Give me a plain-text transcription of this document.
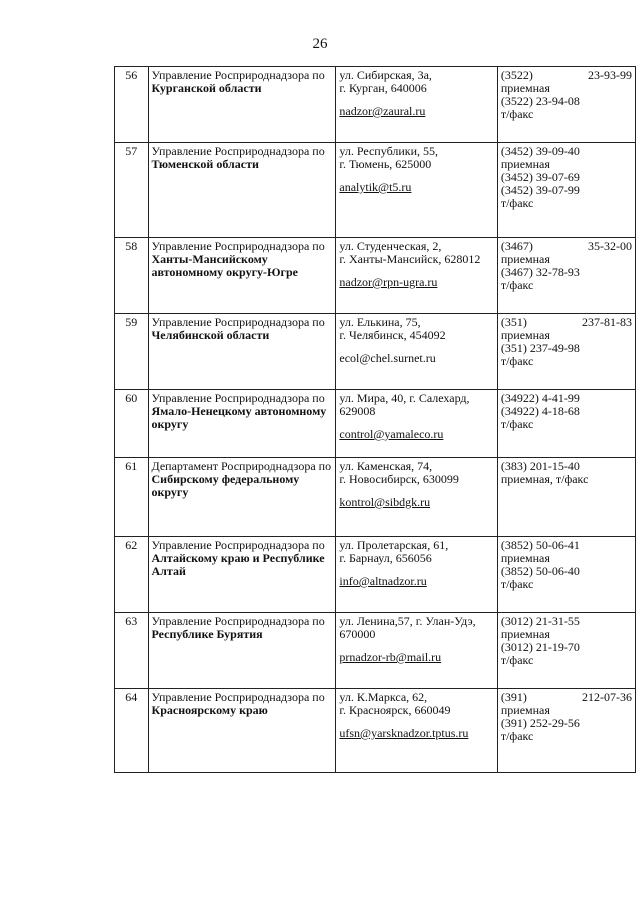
26
56	Управление Росприроднадзора по Курганской области	ул. Сибирская, 3а,
г. Курган, 640006
nadzor@zaural.ru	(3522) 23-93-99
приемная
(3522) 23-94-08
т/факс

57	Управление Росприроднадзора по Тюменской области	ул. Республики, 55,
г. Тюмень, 625000
analytik@t5.ru	(3452) 39-09-40
приемная
(3452) 39-07-69
(3452) 39-07-99
т/факс

58	Управление Росприроднадзора по Ханты-Мансийскому автономному округу-Югре	ул. Студенческая, 2,
г. Ханты-Мансийск, 628012
nadzor@rpn-ugra.ru	(3467) 35-32-00
приемная
(3467) 32-78-93
т/факс

59	Управление Росприроднадзора по Челябинской области	ул. Елькина, 75,
г. Челябинск, 454092
ecol@chel.surnet.ru	(351) 237-81-83
приемная
(351) 237-49-98
т/факс

60	Управление Росприроднадзора по Ямало-Ненецкому автономному округу	ул. Мира, 40, г. Салехард,
629008
control@yamaleco.ru	(34922) 4-41-99
(34922) 4-18-68
т/факс

61	Департамент Росприроднадзора по Сибирскому федеральному округу	ул. Каменская, 74,
г. Новосибирск, 630099
kontrol@sibdgk.ru	(383) 201-15-40
приемная, т/факс

62	Управление Росприроднадзора по Алтайскому краю и Республике Алтай	ул. Пролетарская, 61,
г. Барнаул, 656056
info@altnadzor.ru	(3852) 50-06-41
приемная
(3852) 50-06-40
т/факс

63	Управление Росприроднадзора по Республике Бурятия	ул. Ленина,57, г. Улан-Удэ,
670000
prnadzor-rb@mail.ru	(3012) 21-31-55
приемная
(3012) 21-19-70
т/факс

64	Управление Росприроднадзора по Красноярскому краю	ул. К.Маркса, 62,
г. Красноярск, 660049
ufsn@yarsknadzor.tptus.ru	(391) 212-07-36
приемная
(391) 252-29-56
т/факс
